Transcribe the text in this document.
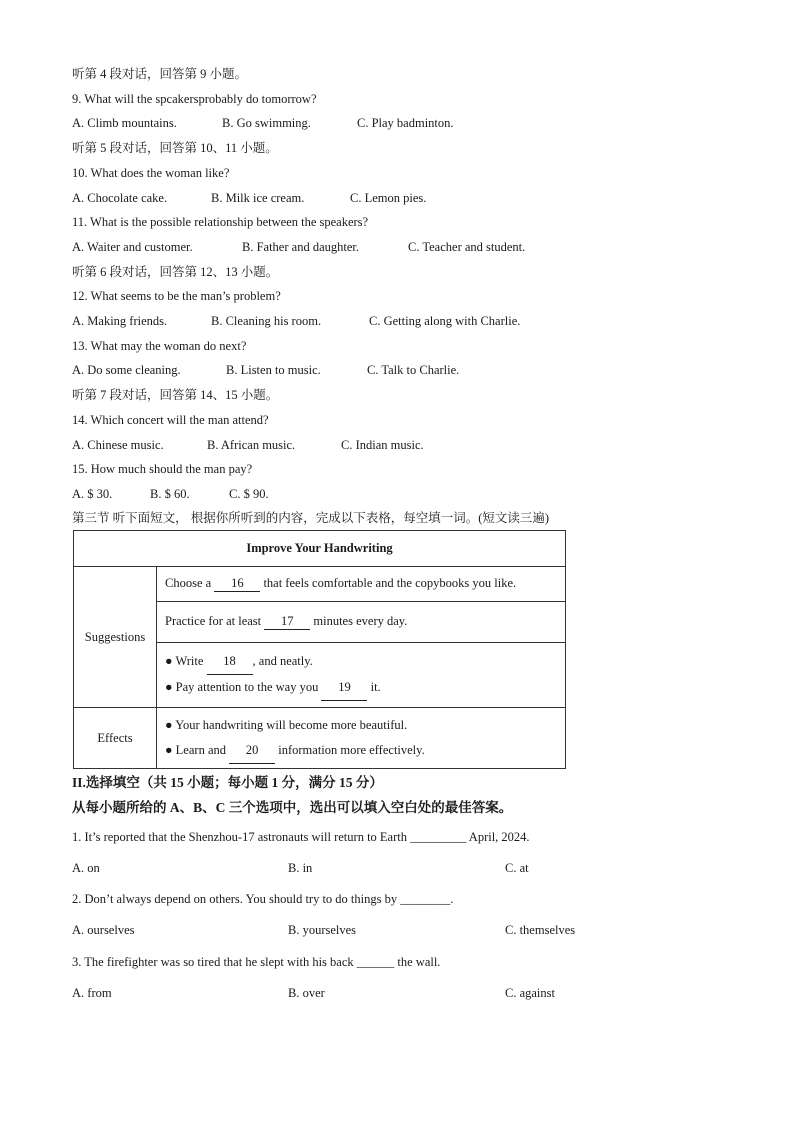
听第 4 段对话，回答第 9 小题。
9. What will the spcakersprobably do tomorrow?
A. Climb mountains.	B. Go swimming.	C. Play badminton.
听第 5 段对话，回答第 10、11 小题。
10. What does the woman like?
A. Chocolate cake.	B. Milk ice cream.	C. Lemon pies.
11. What is the possible relationship between the speakers?
A. Waiter and customer.	B. Father and daughter.	C. Teacher and student.
听第 6 段对话，回答第 12、13 小题。
12. What seems to be the man’s problem?
A. Making friends.	B. Cleaning his room.	C. Getting along with Charlie.
13. What may the woman do next?
A. Do some cleaning.	B. Listen to music.	C. Talk to Charlie.
听第 7 段对话，回答第 14、15 小题。
14. Which concert will the man attend?
A. Chinese music.	B. African music.	C. Indian music.
15. How much should the man pay?
A. $ 30.	B. $ 60.	C. $ 90.
第三节 听下面短文， 根据你所听到的内容，完成以下表格，每空填一词。(短文读三遍)
Improve Your Handwriting	
Suggestions	Choose a 16 that feels comfortable and the copybooks you like.
	Practice for at least 17 minutes every day.

	● Write 18 , and neatly.
● Pay attention to the way you 19 it.

Effects	● Your handwriting will become more beautiful.
● Learn and 20 information more effectively.
II.选择填空（共 15 小题；每小题 1 分，满分 15 分）
从每小题所给的 A、B、C 三个选项中，选出可以填入空白处的最佳答案。
1. It’s reported that the Shenzhou-17 astronauts will return to Earth _________ April, 2024.
A. on	B. in	C. at
2. Don’t always depend on others. You should try to do things by ________.
A. ourselves	B. yourselves	C. themselves
3. The firefighter was so tired that he slept with his back ______ the wall.
A. from	B. over	C. against
